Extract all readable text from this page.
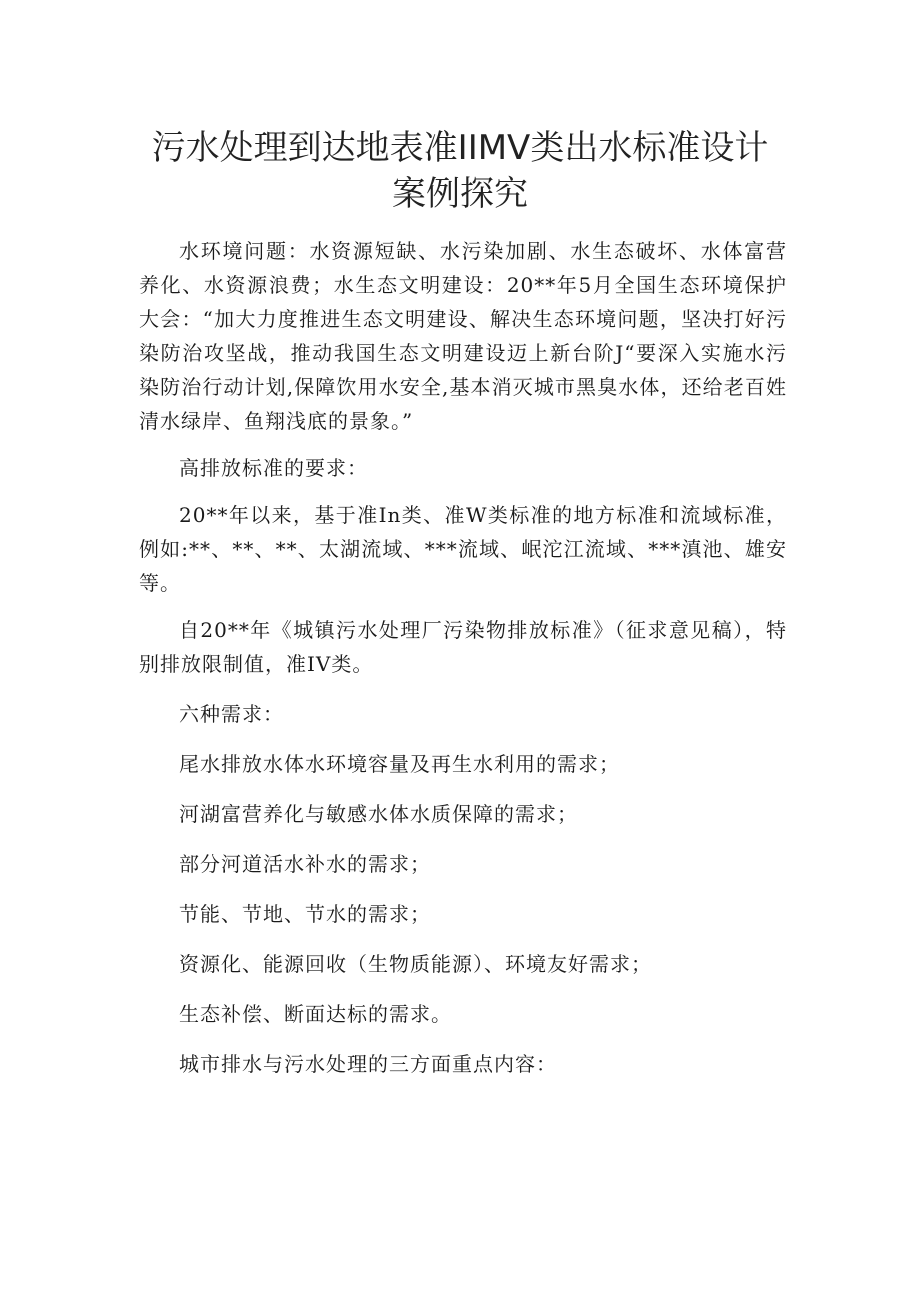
污水处理到达地表准IIMV类出水标准设计
案例探究

水环境问题：水资源短缺、水污染加剧、水生态破坏、水体富营养化、水资源浪费；水生态文明建设：20**年5月全国生态环境保护大会：“加大力度推进生态文明建设、解决生态环境问题，坚决打好污染防治攻坚战，推动我国生态文明建设迈上新台阶J“要深入实施水污染防治行动计划,保障饮用水安全,基本消灭城市黑臭水体，还给老百姓清水绿岸、鱼翔浅底的景象。”

高排放标准的要求：

20**年以来，基于准In类、准W类标准的地方标准和流域标准，例如:**、**、**、太湖流域、***流域、岷沱江流域、***滇池、雄安等。

自20**年《城镇污水处理厂污染物排放标准》（征求意见稿），特别排放限制值，准IV类。

六种需求：

尾水排放水体水环境容量及再生水利用的需求；

河湖富营养化与敏感水体水质保障的需求；

部分河道活水补水的需求；

节能、节地、节水的需求；

资源化、能源回收（生物质能源）、环境友好需求；

生态补偿、断面达标的需求。

城市排水与污水处理的三方面重点内容：
